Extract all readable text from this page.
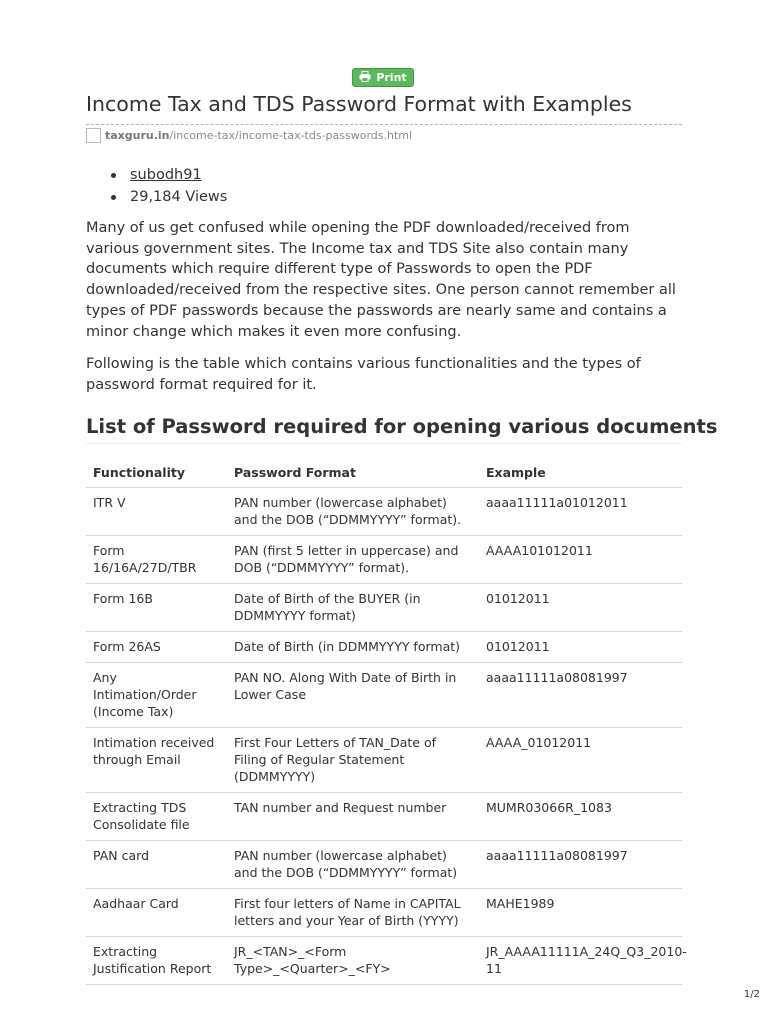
Print
Income Tax and TDS Password Format with Examples
taxguru.in /income-tax/income-tax-tds-passwords.html
subodh91
29,184 Views

Many of us get confused while opening the PDF downloaded/received from various government sites. The Income tax and TDS Site also contain many documents which require different type of Passwords to open the PDF downloaded/received from the respective sites. One person cannot remember all types of PDF passwords because the passwords are nearly same and contains a minor change which makes it even more confusing.

Following is the table which contains various functionalities and the types of password format required for it.

List of Password required for opening various documents
Functionality	Password Format	Example
ITR V	PAN number (lowercase alphabet) and the DOB (“DDMMYYYY” format).	aaaa11111a01012011
Form 16/16A/27D/TBR	PAN (first 5 letter in uppercase) and DOB (“DDMMYYYY” format).	AAAA101012011
Form 16B	Date of Birth of the BUYER (in DDMMYYYY format)	01012011
Form 26AS	Date of Birth (in DDMMYYYY format)	01012011
Any Intimation/Order (Income Tax)	PAN NO. Along With Date of Birth in Lower Case	aaaa11111a08081997
Intimation received through Email	First Four Letters of TAN_Date of Filing of Regular Statement (DDMMYYYY)	AAAA_01012011
Extracting TDS Consolidate file	TAN number and Request number	MUMR03066R_1083
PAN card	PAN number (lowercase alphabet) and the DOB (“DDMMYYYY” format)	aaaa11111a08081997
Aadhaar Card	First four letters of Name in CAPITAL letters and your Year of Birth (YYYY)	MAHE1989
Extracting Justification Report	JR_<TAN>_<Form Type>_<Quarter>_<FY>	JR_AAAA11111A_24Q_Q3_2010-11
1/2
